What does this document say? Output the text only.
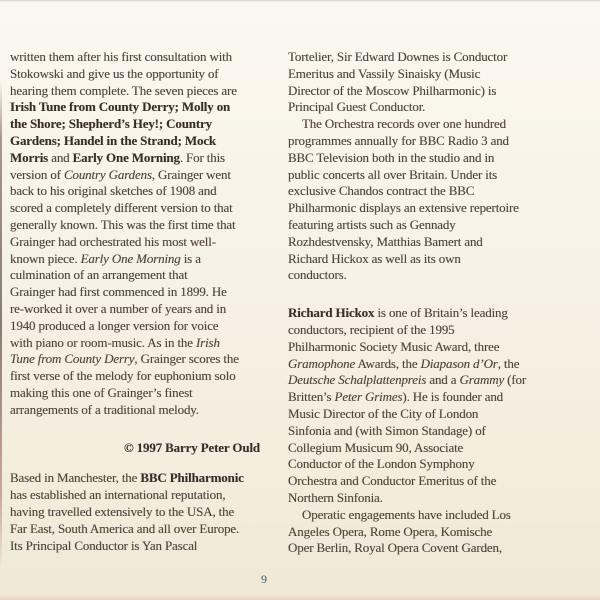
written them after his first consultation with
Stokowski and give us the opportunity of
hearing them complete. The seven pieces are
Irish Tune from County Derry; Molly on
the Shore; Shepherd’s Hey!; Country
Gardens; Handel in the Strand; Mock
Morris and Early One Morning. For this
version of Country Gardens, Grainger went
back to his original sketches of 1908 and
scored a completely different version to that
generally known. This was the first time that
Grainger had orchestrated his most well-
known piece. Early One Morning is a
culmination of an arrangement that
Grainger had first commenced in 1899. He
re-worked it over a number of years and in
1940 produced a longer version for voice
with piano or room-music. As in the Irish
Tune from County Derry, Grainger scores the
first verse of the melody for euphonium solo
making this one of Grainger’s finest
arrangements of a traditional melody.
© 1997 Barry Peter Ould
Based in Manchester, the BBC Philharmonic
has established an international reputation,
having travelled extensively to the USA, the
Far East, South America and all over Europe.
Its Principal Conductor is Yan Pascal
Tortelier, Sir Edward Downes is Conductor
Emeritus and Vassily Sinaisky (Music
Director of the Moscow Philharmonic) is
Principal Guest Conductor.
The Orchestra records over one hundred
programmes annually for BBC Radio 3 and
BBC Television both in the studio and in
public concerts all over Britain. Under its
exclusive Chandos contract the BBC
Philharmonic displays an extensive repertoire
featuring artists such as Gennady
Rozhdestvensky, Matthias Bamert and
Richard Hickox as well as its own
conductors.
Richard Hickox is one of Britain’s leading
conductors, recipient of the 1995
Philharmonic Society Music Award, three
Gramophone Awards, the Diapason d’Or, the
Deutsche Schalplattenpreis and a Grammy (for
Britten’s Peter Grimes). He is founder and
Music Director of the City of London
Sinfonia and (with Simon Standage) of
Collegium Musicum 90, Associate
Conductor of the London Symphony
Orchestra and Conductor Emeritus of the
Northern Sinfonia.
Operatic engagements have included Los
Angeles Opera, Rome Opera, Komische
Oper Berlin, Royal Opera Covent Garden,
9
